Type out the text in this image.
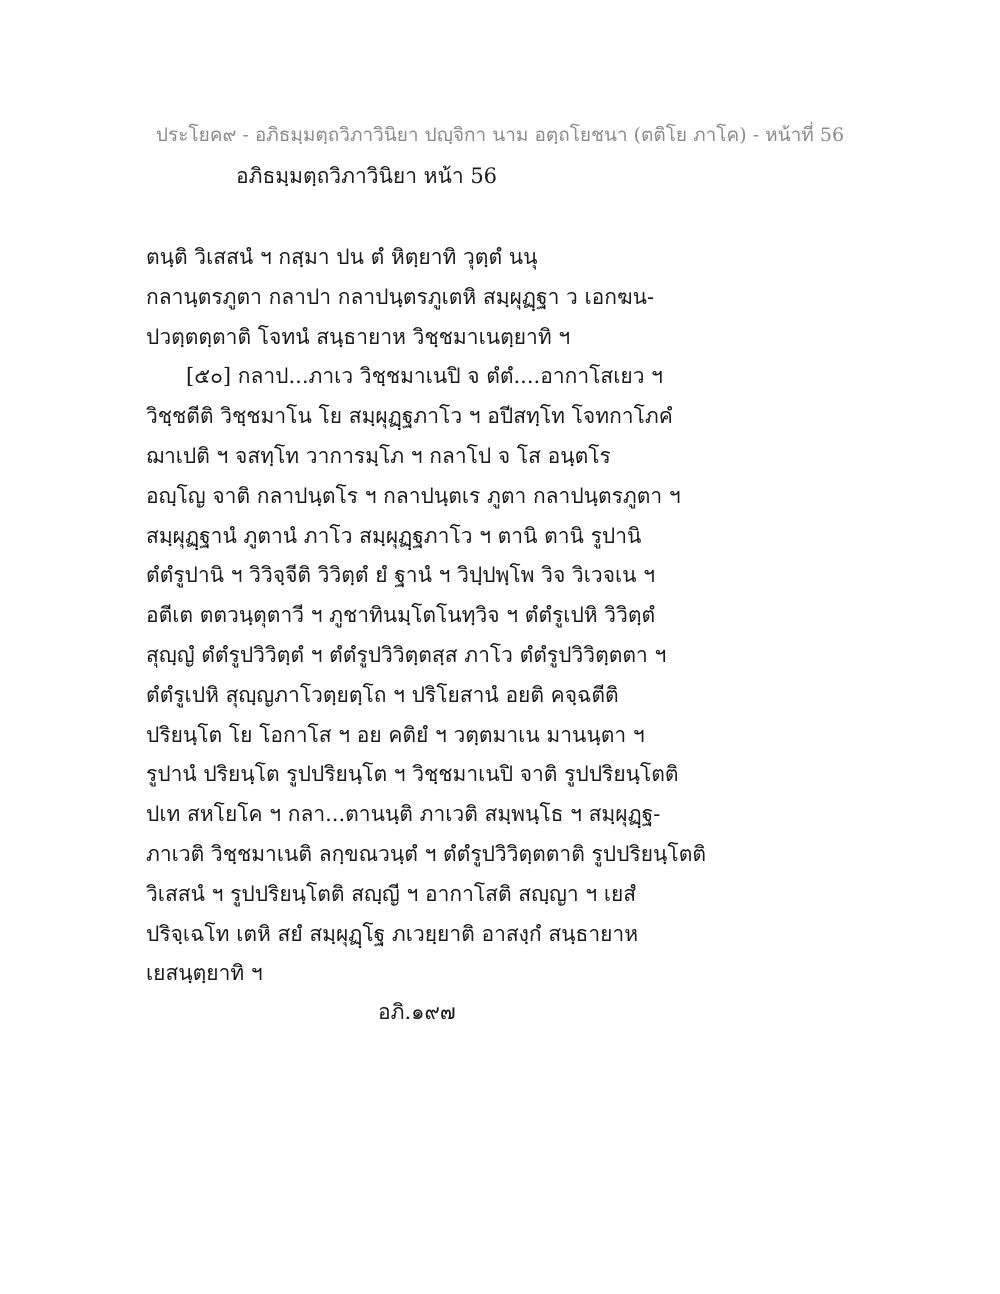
ประโยค๙ - อภิธมฺมตฺถวิภาวินิยา ปญฺจิกา นาม อตฺถโยชนา (ตติโย ภาโค) - หน้าที่ 56
อภิธมฺมตฺถวิภาวินิยา หน้า 56
ตนฺติ วิเสสนํ ฯ กสฺมา ปน ตํ หิตฺยาทิ วุตฺตํ นนุ
กลานฺตรภูตา กลาปา กลาปนฺตรภูเตหิ สมฺผุฏฺฐา ว เอกฆน-
ปวตฺตตฺตาติ โจทนํ สนฺธายาห วิชฺชมาเนตฺยาทิ ฯ
[๕๐] กลาป...ภาเว วิชฺชมาเนปิ จ ตํตํ....อากาโสเยว ฯ
วิชฺชตีติ วิชฺชมาโน โย สมฺผุฏฺฐภาโว ฯ อปีสทฺโท โจทกาโภคํ
ฌาเปติ ฯ จสทฺโท วาการมฺโภ ฯ กลาโป จ โส อนฺตโร
อญฺโญ จาติ กลาปนฺตโร ฯ กลาปนฺตเร ภูตา กลาปนฺตรภูตา ฯ
สมฺผุฏฺฐานํ ภูตานํ ภาโว สมฺผุฏฺฐภาโว ฯ ตานิ ตานิ รูปานิ
ตํตํรูปานิ ฯ วิวิจฺจีติ วิวิตฺตํ ยํ ฐานํ ฯ วิปฺปพฺโพ วิจ วิเวจเน ฯ
อตีเต ตตวนฺตุตาวี ฯ ภูชาทินมฺโตโนทฺวิจ ฯ ตํตํรูเปหิ วิวิตฺตํ
สุญฺญํ ตํตํรูปวิวิตฺตํ ฯ ตํตํรูปวิวิตฺตสฺส ภาโว ตํตํรูปวิวิตฺตตา ฯ
ตํตํรูเปหิ สุญฺญภาโวตฺยตฺโถ ฯ ปริโยสานํ อยติ คจฺฉตีติ
ปริยนฺโต โย โอกาโส ฯ อย คติยํ ฯ วตฺตมาเน มานนฺตา ฯ
รูปานํ ปริยนฺโต รูปปริยนฺโต ฯ วิชฺชมาเนปิ จาติ รูปปริยนฺโตติ
ปเท สหโยโค ฯ กลา...ตานนฺติ ภาเวติ สมฺพนฺโธ ฯ สมฺผุฏฺฐ-
ภาเวติ วิชฺชมาเนติ ลกฺขณวนฺตํ ฯ ตํตํรูปวิวิตฺตตาติ รูปปริยนฺโตติ
วิเสสนํ ฯ รูปปริยนฺโตติ สญฺญี ฯ อากาโสติ สญฺญา ฯ เยสํ
ปริจฺเฉโท เตหิ สยํ สมฺผุฏฺโฐ ภเวยฺยาติ อาสงฺกํ สนฺธายาห
เยสนฺตฺยาทิ ฯ
อภิ.๑๙๗
